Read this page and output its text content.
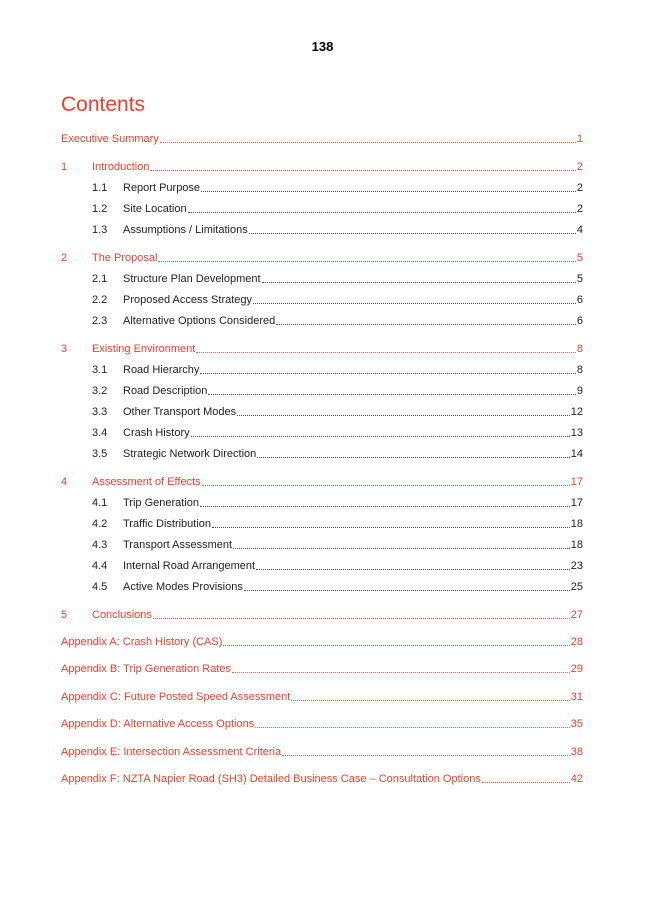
138
Contents
Executive Summary	1
1	Introduction	2
1.1	Report Purpose	2
1.2	Site Location	2
1.3	Assumptions / Limitations	4
2	The Proposal	5
2.1	Structure Plan Development	5
2.2	Proposed Access Strategy	6
2.3	Alternative Options Considered	6
3	Existing Environment	8
3.1	Road Hierarchy	8
3.2	Road Description	9
3.3	Other Transport Modes	12
3.4	Crash History	13
3.5	Strategic Network Direction	14
4	Assessment of Effects	17
4.1	Trip Generation	17
4.2	Traffic Distribution	18
4.3	Transport Assessment	18
4.4	Internal Road Arrangement	23
4.5	Active Modes Provisions	25
5	Conclusions	27
Appendix A: Crash History (CAS)	28
Appendix B: Trip Generation Rates	29
Appendix C: Future Posted Speed Assessment	31
Appendix D: Alternative Access Options	35
Appendix E: Intersection Assessment Criteria	38
Appendix F: NZTA Napier Road (SH3) Detailed Business Case – Consultation Options	42
